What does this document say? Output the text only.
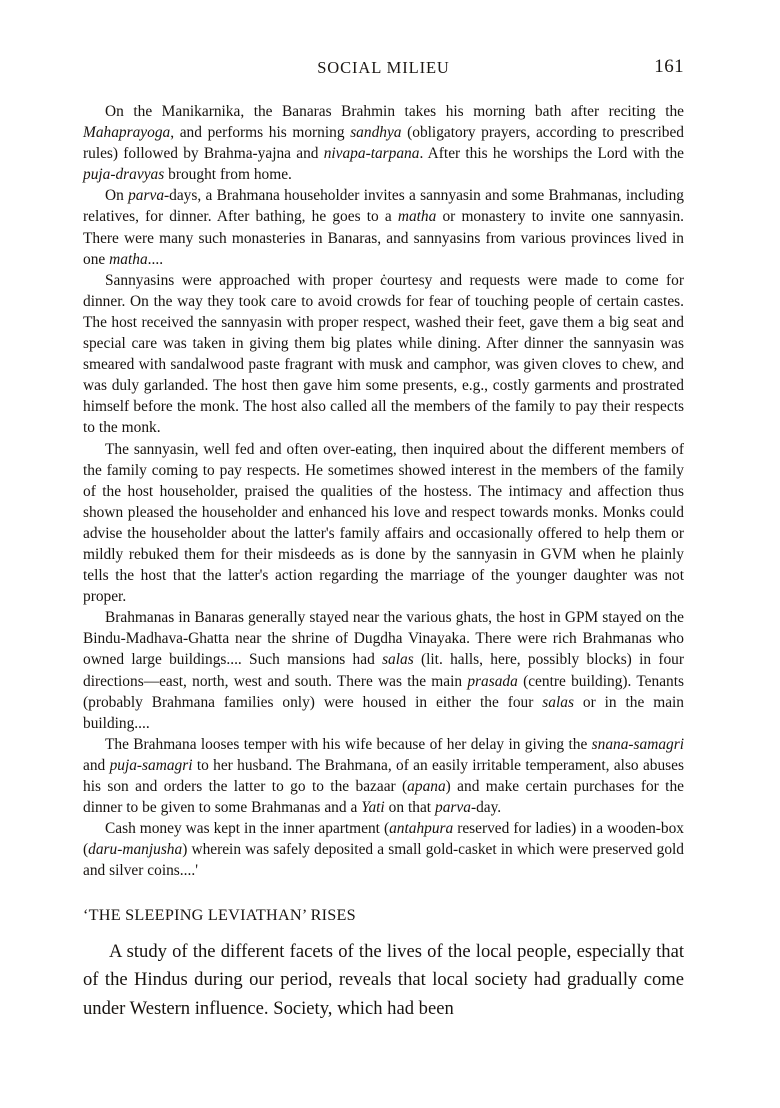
SOCIAL MILIEU	161

On the Manikarnika, the Banaras Brahmin takes his morning bath after reciting the Mahaprayoga, and performs his morning sandhya (obligatory prayers, according to prescribed rules) followed by Brahma-yajna and nivapa-tarpana. After this he worships the Lord with the puja-dravyas brought from home.

On parva-days, a Brahmana householder invites a sannyasin and some Brahmanas, including relatives, for dinner. After bathing, he goes to a matha or monastery to invite one sannyasin. There were many such monasteries in Banaras, and sannyasins from various provinces lived in one matha....

Sannyasins were approached with proper ċourtesy and requests were made to come for dinner. On the way they took care to avoid crowds for fear of touching people of certain castes. The host received the sannyasin with proper respect, washed their feet, gave them a big seat and special care was taken in giving them big plates while dining. After dinner the sannyasin was smeared with sandalwood paste fragrant with musk and camphor, was given cloves to chew, and was duly garlanded. The host then gave him some presents, e.g., costly garments and prostrated himself before the monk. The host also called all the members of the family to pay their respects to the monk.

The sannyasin, well fed and often over-eating, then inquired about the different members of the family coming to pay respects. He sometimes showed interest in the members of the family of the host householder, praised the qualities of the hostess. The intimacy and affection thus shown pleased the householder and enhanced his love and respect towards monks. Monks could advise the householder about the latter's family affairs and occasionally offered to help them or mildly rebuked them for their misdeeds as is done by the sannyasin in GVM when he plainly tells the host that the latter's action regarding the marriage of the younger daughter was not proper.

Brahmanas in Banaras generally stayed near the various ghats, the host in GPM stayed on the Bindu-Madhava-Ghatta near the shrine of Dugdha Vinayaka. There were rich Brahmanas who owned large buildings.... Such mansions had salas (lit. halls, here, possibly blocks) in four directions—east, north, west and south. There was the main prasada (centre building). Tenants (probably Brahmana families only) were housed in either the four salas or in the main building....

The Brahmana looses temper with his wife because of her delay in giving the snana-samagri and puja-samagri to her husband. The Brahmana, of an easily irritable temperament, also abuses his son and orders the latter to go to the bazaar (apana) and make certain purchases for the dinner to be given to some Brahmanas and a Yati on that parva-day.

Cash money was kept in the inner apartment (antahpura reserved for ladies) in a wooden-box (daru-manjusha) wherein was safely deposited a small gold-casket in which were preserved gold and silver coins....'

‘THE SLEEPING LEVIATHAN’ RISES

A study of the different facets of the lives of the local people, especially that of the Hindus during our period, reveals that local society had gradually come under Western influence. Society, which had been
